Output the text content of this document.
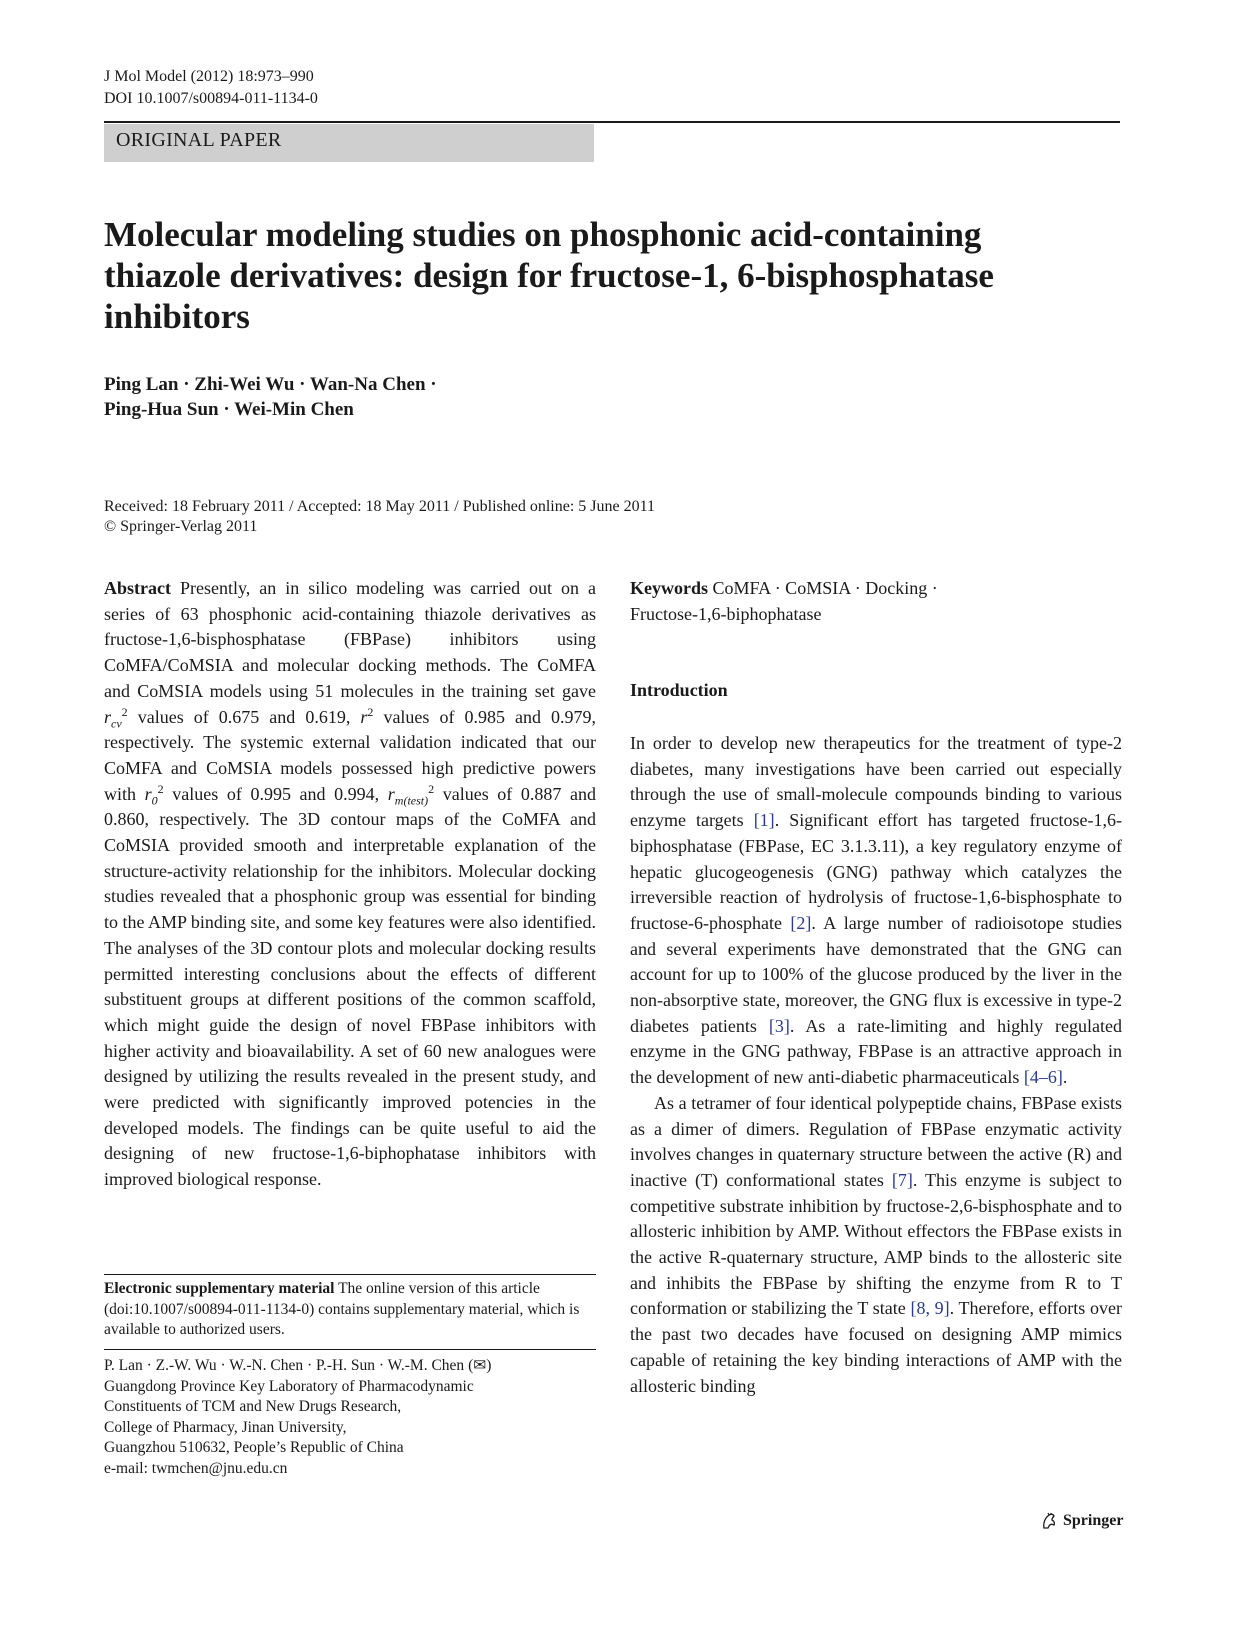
J Mol Model (2012) 18:973–990
DOI 10.1007/s00894-011-1134-0
ORIGINAL PAPER
Molecular modeling studies on phosphonic acid-containing thiazole derivatives: design for fructose-1, 6-bisphosphatase inhibitors
Ping Lan · Zhi-Wei Wu · Wan-Na Chen ·
Ping-Hua Sun · Wei-Min Chen
Received: 18 February 2011 / Accepted: 18 May 2011 / Published online: 5 June 2011
© Springer-Verlag 2011

Abstract Presently, an in silico modeling was carried out on a series of 63 phosphonic acid-containing thiazole derivatives as fructose-1,6-bisphosphatase (FBPase) inhibitors using CoMFA/CoMSIA and molecular docking methods. The CoMFA and CoMSIA models using 51 molecules in the training set gave $r_{cv}^2$ values of 0.675 and 0.619, $r^2$ values of 0.985 and 0.979, respectively. The systemic external validation indicated that our CoMFA and CoMSIA models possessed high predictive powers with $r_0^2$ values of 0.995 and 0.994, $r_{m(test)}^2$ values of 0.887 and 0.860, respectively. The 3D contour maps of the CoMFA and CoMSIA provided smooth and interpretable explanation of the structure-activity relationship for the inhibitors. Molecular docking studies revealed that a phosphonic group was essential for binding to the AMP binding site, and some key features were also identified. The analyses of the 3D contour plots and molecular docking results permitted interesting conclusions about the effects of different substituent groups at different positions of the common scaffold, which might guide the design of novel FBPase inhibitors with higher activity and bioavailability. A set of 60 new analogues were designed by utilizing the results revealed in the present study, and were predicted with significantly improved potencies in the developed models. The findings can be quite useful to aid the designing of new fructose-1,6-biphophatase inhibitors with improved biological response.

Electronic supplementary material The online version of this article (doi:10.1007/s00894-011-1134-0) contains supplementary material, which is available to authorized users.
P. Lan · Z.-W. Wu · W.-N. Chen · P.-H. Sun · W.-M. Chen (✉)
Guangdong Province Key Laboratory of Pharmacodynamic
Constituents of TCM and New Drugs Research,
College of Pharmacy, Jinan University,
Guangzhou 510632, People’s Republic of China
e-mail: twmchen@jnu.edu.cn
Keywords CoMFA · CoMSIA · Docking ·
Fructose-1,6-biphophatase
Introduction

In order to develop new therapeutics for the treatment of type-2 diabetes, many investigations have been carried out especially through the use of small-molecule compounds binding to various enzyme targets [1]. Significant effort has targeted fructose-1,6-biphosphatase (FBPase, EC 3.1.3.11), a key regulatory enzyme of hepatic glucogeogenesis (GNG) pathway which catalyzes the irreversible reaction of hydrolysis of fructose-1,6-bisphosphate to fructose-6-phosphate [2]. A large number of radioisotope studies and several experiments have demonstrated that the GNG can account for up to 100% of the glucose produced by the liver in the non-absorptive state, moreover, the GNG flux is excessive in type-2 diabetes patients [3]. As a rate-limiting and highly regulated enzyme in the GNG pathway, FBPase is an attractive approach in the development of new anti-diabetic pharmaceuticals [4–6].

As a tetramer of four identical polypeptide chains, FBPase exists as a dimer of dimers. Regulation of FBPase enzymatic activity involves changes in quaternary structure between the active (R) and inactive (T) conformational states [7]. This enzyme is subject to competitive substrate inhibition by fructose-2,6-bisphosphate and to allosteric inhibition by AMP. Without effectors the FBPase exists in the active R-quaternary structure, AMP binds to the allosteric site and inhibits the FBPase by shifting the enzyme from R to T conformation or stabilizing the T state [8, 9]. Therefore, efforts over the past two decades have focused on designing AMP mimics capable of retaining the key binding interactions of AMP with the allosteric binding

Springer
